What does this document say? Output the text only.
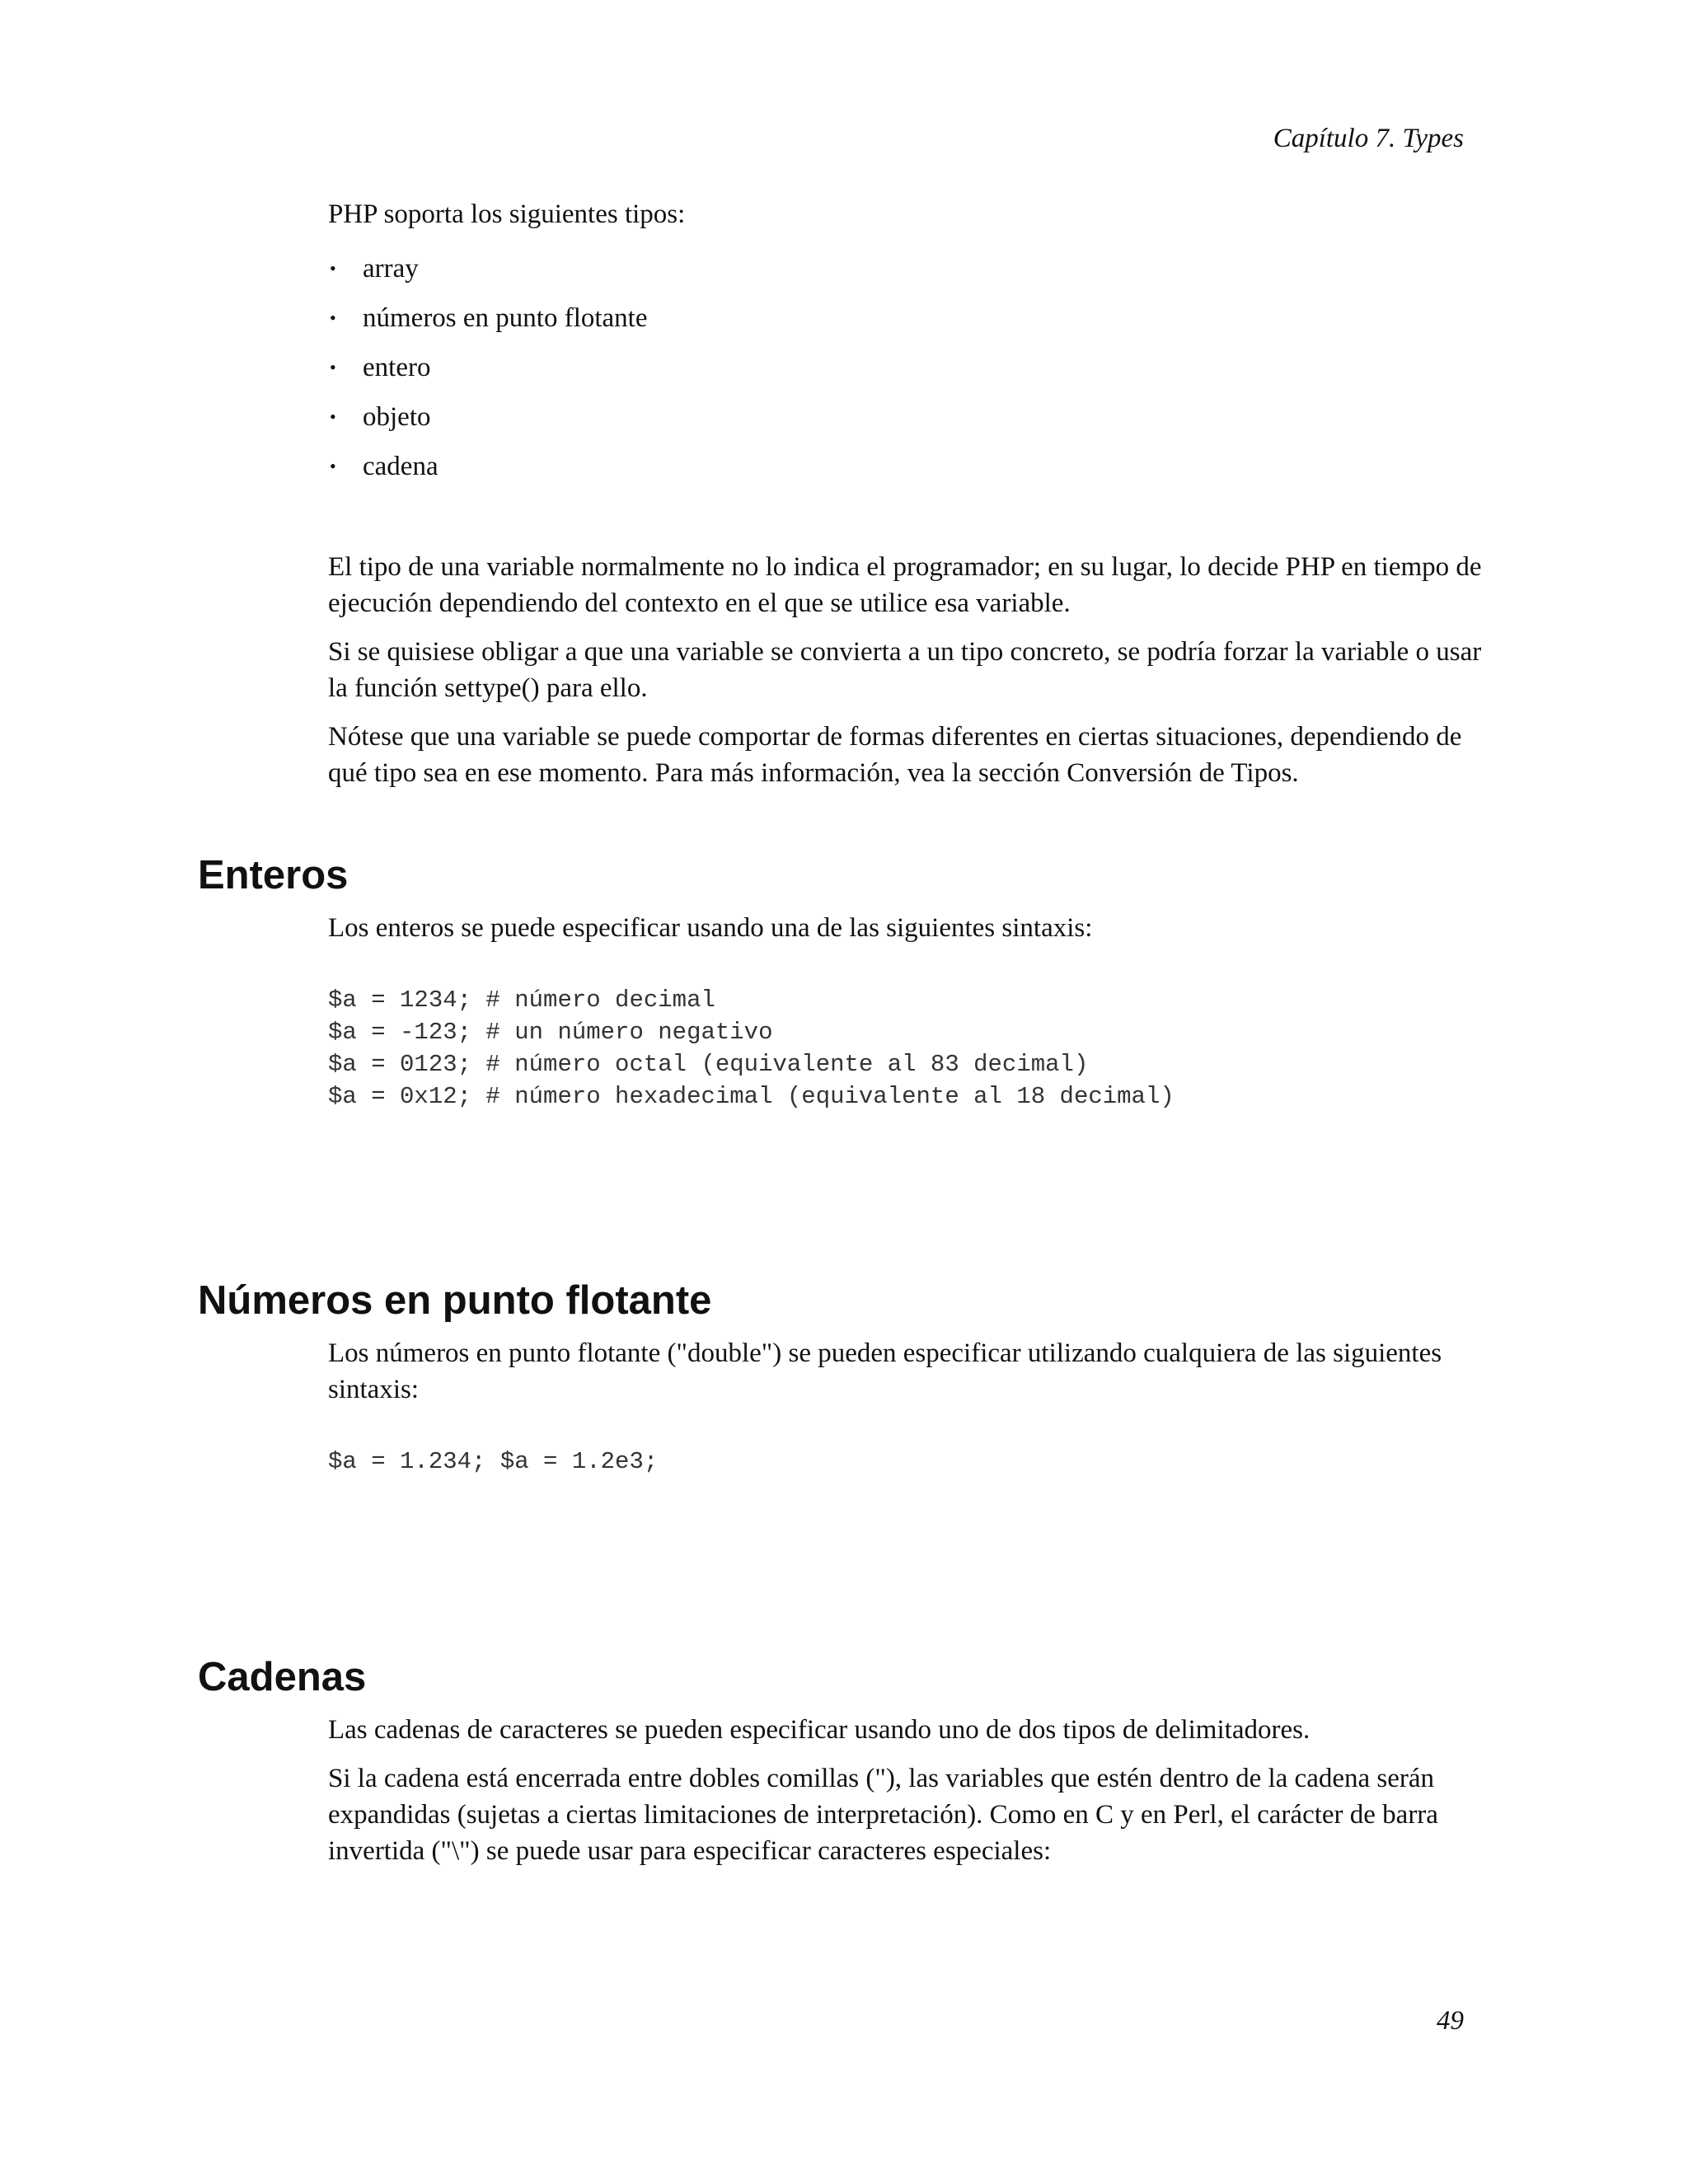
Capítulo 7. Types

PHP soporta los siguientes tipos:

• array
• números en punto flotante
• entero
• objeto
• cadena

El tipo de una variable normalmente no lo indica el programador; en su lugar, lo decide PHP en tiempo de ejecución dependiendo del contexto en el que se utilice esa variable.

Si se quisiese obligar a que una variable se convierta a un tipo concreto, se podría forzar la variable o usar la función settype() para ello.

Nótese que una variable se puede comportar de formas diferentes en ciertas situaciones, dependiendo de qué tipo sea en ese momento. Para más información, vea la sección Conversión de Tipos.

Enteros

Los enteros se puede especificar usando una de las siguientes sintaxis:

$a = 1234; # número decimal
$a = -123; # un número negativo
$a = 0123; # número octal (equivalente al 83 decimal)
$a = 0x12; # número hexadecimal (equivalente al 18 decimal)
Números en punto flotante

Los números en punto flotante ("double") se pueden especificar utilizando cualquiera de las siguientes sintaxis:

$a = 1.234; $a = 1.2e3;
Cadenas

Las cadenas de caracteres se pueden especificar usando uno de dos tipos de delimitadores.

Si la cadena está encerrada entre dobles comillas ("), las variables que estén dentro de la cadena serán expandidas (sujetas a ciertas limitaciones de interpretación). Como en C y en Perl, el carácter de barra invertida ("\") se puede usar para especificar caracteres especiales:

49
